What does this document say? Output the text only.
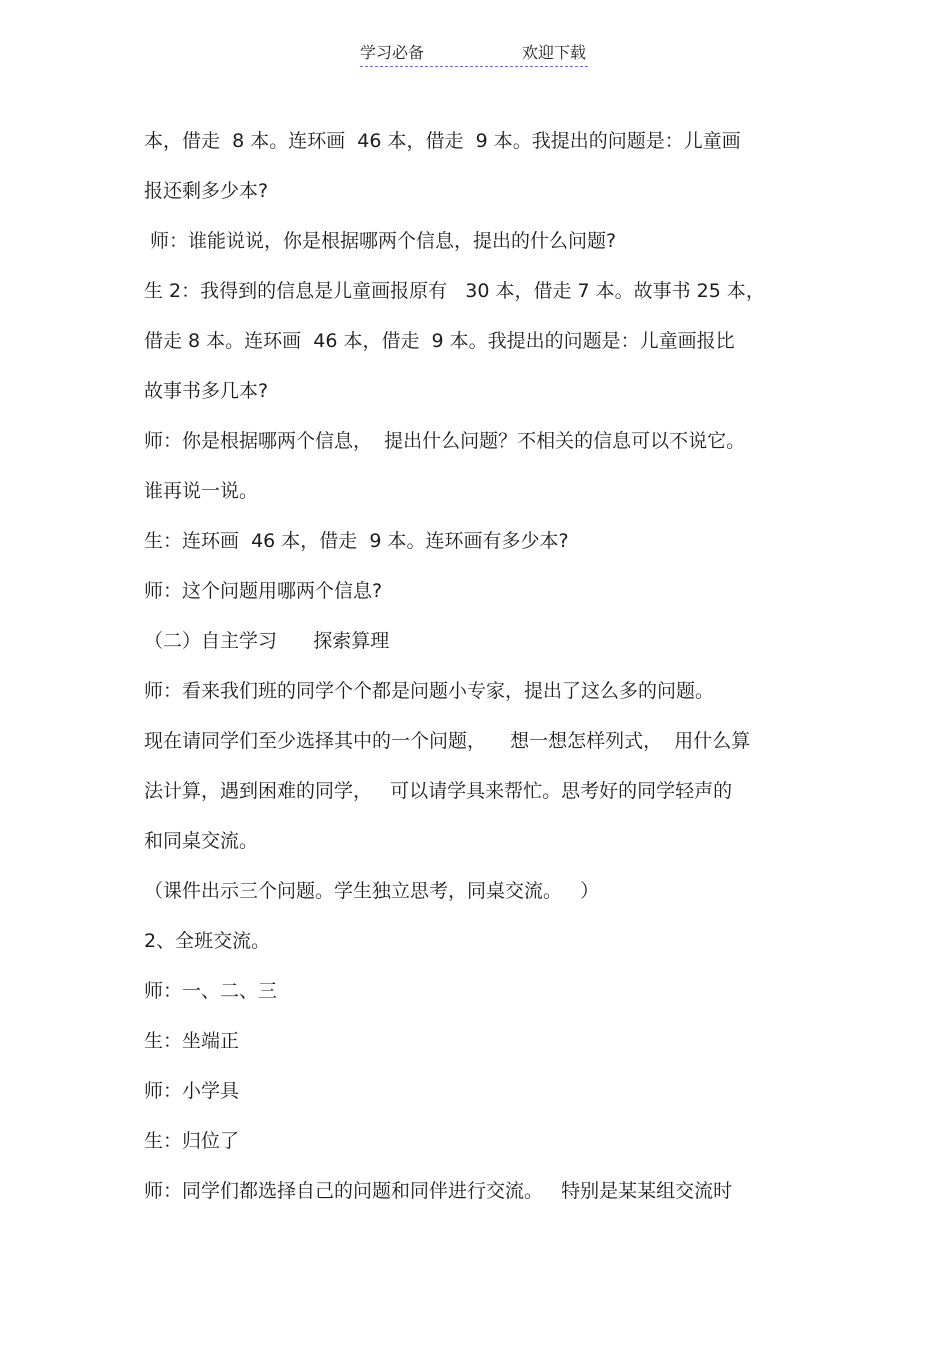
学习必备	欢迎下载
本，借走  8 本。连环画  46 本，借走  9 本。我提出的问题是：儿童画
报还剩多少本?
师：谁能说说，你是根据哪两个信息，提出的什么问题?
生 2：我得到的信息是儿童画报原有   30 本，借走 7 本。故事书 25 本，
借走 8 本。连环画  46 本，借走  9 本。我提出的问题是：儿童画报比
故事书多几本?
师：你是根据哪两个信息，  提出什么问题？不相关的信息可以不说它。
谁再说一说。
生：连环画  46 本，借走  9 本。连环画有多少本?
师：这个问题用哪两个信息?
（二）自主学习      探索算理
师：看来我们班的同学个个都是问题小专家，提出了这么多的问题。
现在请同学们至少选择其中的一个问题，    想一想怎样列式，  用什么算
法计算，遇到困难的同学，   可以请学具来帮忙。思考好的同学轻声的
和同桌交流。
（课件出示三个问题。学生独立思考，同桌交流。   ）
2、全班交流。
师：一、二、三
生：坐端正
师：小学具
生：归位了
师：同学们都选择自己的问题和同伴进行交流。   特别是某某组交流时
